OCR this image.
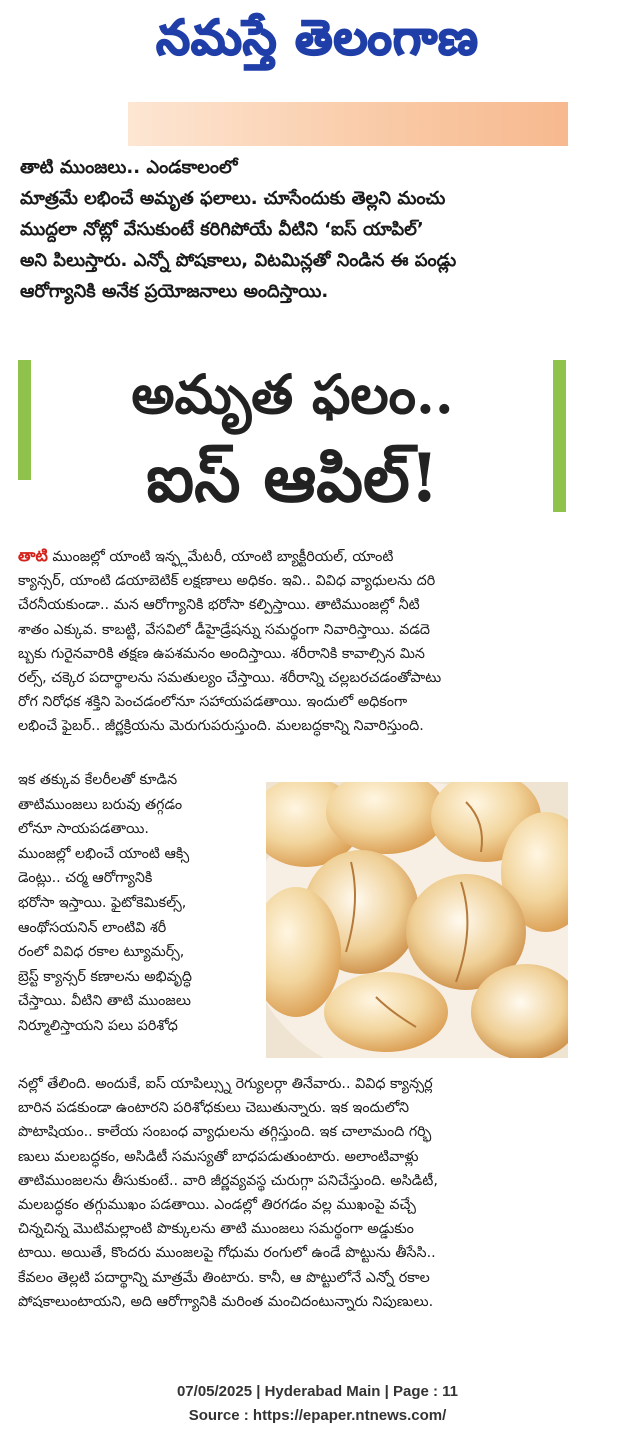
నమస్తే తెలంగాణ

తాటి ముంజలు.. ఎండకాలంలో

మాత్రమే లభించే అమృత ఫలాలు. చూసేందుకు తెల్లని మంచు

ముద్దలా నోట్లో వేసుకుంటే కరిగిపోయే వీటిని ‘ఐస్ యాపిల్’

అని పిలుస్తారు. ఎన్నో పోషకాలు, విటమిన్లతో నిండిన ఈ పండ్లు

ఆరోగ్యానికి అనేక ప్రయోజనాలు అందిస్తాయి.

అమృత ఫలం..
ఐస్ ఆపిల్!

తాటి ముంజల్లో యాంటి ఇన్ఫ్లమేటరీ, యాంటి బ్యాక్టీరియల్, యాంటి

క్యాన్సర్, యాంటి డయాబెటిక్ లక్షణాలు అధికం. ఇవి.. వివిధ వ్యాధులను దరి

చేరనీయకుండా.. మన ఆరోగ్యానికి భరోసా కల్పిస్తాయి. తాటిముంజల్లో నీటి

శాతం ఎక్కువ. కాబట్టి, వేసవిలో డీహైడ్రేషన్ను సమర్థంగా నివారిస్తాయి. వడదె

బ్బకు గురైనవారికి తక్షణ ఉపశమనం అందిస్తాయి. శరీరానికి కావాల్సిన మిన

రల్స్, చక్కెర పదార్థాలను సమతుల్యం చేస్తాయి. శరీరాన్ని చల్లబరచడంతోపాటు

రోగ నిరోధక శక్తిని పెంచడంలోనూ సహాయపడతాయి. ఇందులో అధికంగా

లభించే ఫైబర్.. జీర్ణక్రియను మెరుగుపరుస్తుంది. మలబద్ధకాన్ని నివారిస్తుంది.

ఇక తక్కువ కేలరీలతో కూడిన

తాటిముంజలు బరువు తగ్గడం

లోనూ సాయపడతాయి.

ముంజల్లో లభించే యాంటి ఆక్సి

డెంట్లు.. చర్మ ఆరోగ్యానికి

భరోసా ఇస్తాయి. ఫైటోకెమికల్స్,

ఆంథోసయనిన్ లాంటివి శరీ

రంలో వివిధ రకాల ట్యూమర్స్,

బ్రెస్ట్ క్యాన్సర్ కణాలను అభివృద్ధి

చేస్తాయి. వీటిని తాటి ముంజలు

నిర్మూలిస్తాయని పలు పరిశోధ

నల్లో తేలింది. అందుకే, ఐస్ యాపిల్స్ను రెగ్యులర్గా తినేవారు.. వివిధ క్యాన్సర్ల

బారిన పడకుండా ఉంటారని పరిశోధకులు చెబుతున్నారు. ఇక ఇందులోని

పొటాషియం.. కాలేయ సంబంధ వ్యాధులను తగ్గిస్తుంది. ఇక చాలామంది గర్భి

ణులు మలబద్ధకం, అసిడిటీ సమస్యతో బాధపడుతుంటారు. అలాంటివాళ్లు

తాటిముంజలను తీసుకుంటే.. వారి జీర్ణవ్యవస్థ చురుగ్గా పనిచేస్తుంది. అసిడిటీ,

మలబద్ధకం తగ్గుముఖం పడతాయి. ఎండల్లో తిరగడం వల్ల ముఖంపై వచ్చే

చిన్నచిన్న మొటిమల్లాంటి పొక్కులను తాటి ముంజలు సమర్థంగా అడ్డుకుం

టాయి. అయితే, కొందరు ముంజలపై గోధుమ రంగులో ఉండే పొట్టును తీసేసి..

కేవలం తెల్లటి పదార్థాన్ని మాత్రమే తింటారు. కానీ, ఆ పొట్టులోనే ఎన్నో రకాల

పోషకాలుంటాయని, అది ఆరోగ్యానికి మరింత మంచిదంటున్నారు నిపుణులు.

07/05/2025 | Hyderabad Main | Page : 11
Source : https://epaper.ntnews.com/
